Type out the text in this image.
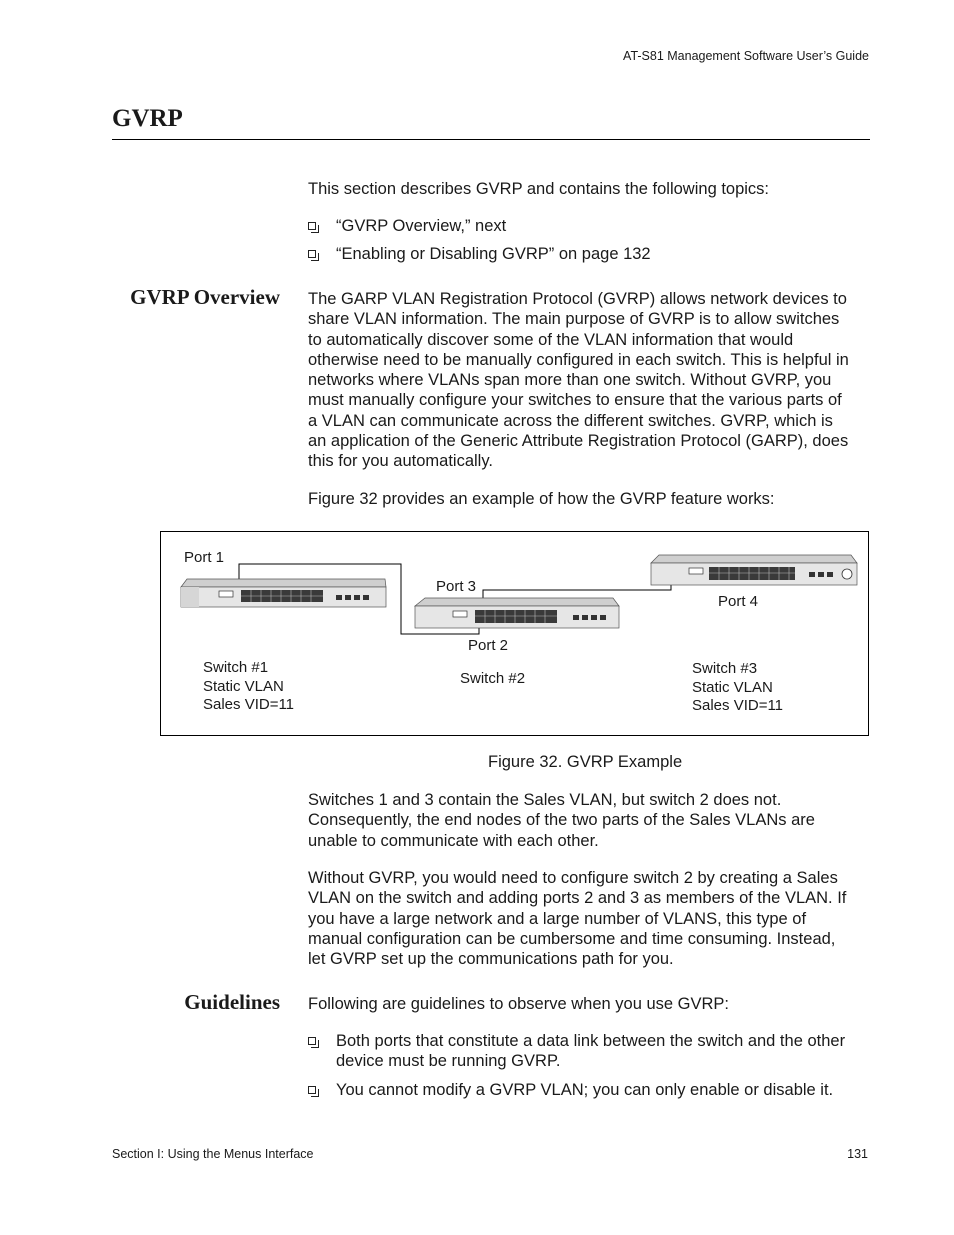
AT-S81 Management Software User’s Guide
GVRP
This section describes GVRP and contains the following topics:
“GVRP Overview,” next
“Enabling or Disabling GVRP” on page 132
GVRP Overview The GARP VLAN Registration Protocol (GVRP) allows network devices to
share VLAN information. The main purpose of GVRP is to allow switches
to automatically discover some of the VLAN information that would
otherwise need to be manually configured in each switch. This is helpful in
networks where VLANs span more than one switch. Without GVRP, you
must manually configure your switches to ensure that the various parts of
a VLAN can communicate across the different switches. GVRP, which is
an application of the Generic Attribute Registration Protocol (GARP), does
this for you automatically.
Figure 32 provides an example of how the GVRP feature works:
Port 1
Port 3
Port 4
Port 2
Switch #1
Static VLAN
Sales VID=11
Switch #2
Switch #3
Static VLAN
Sales VID=11
Figure 32. GVRP Example
Switches 1 and 3 contain the Sales VLAN, but switch 2 does not.
Consequently, the end nodes of the two parts of the Sales VLANs are
unable to communicate with each other.
Without GVRP, you would need to configure switch 2 by creating a Sales
VLAN on the switch and adding ports 2 and 3 as members of the VLAN. If
you have a large network and a large number of VLANS, this type of
manual configuration can be cumbersome and time consuming. Instead,
let GVRP set up the communications path for you.
Guidelines Following are guidelines to observe when you use GVRP:
Both ports that constitute a data link between the switch and the other
device must be running GVRP.
You cannot modify a GVRP VLAN; you can only enable or disable it.
Section I: Using the Menus Interface	131
